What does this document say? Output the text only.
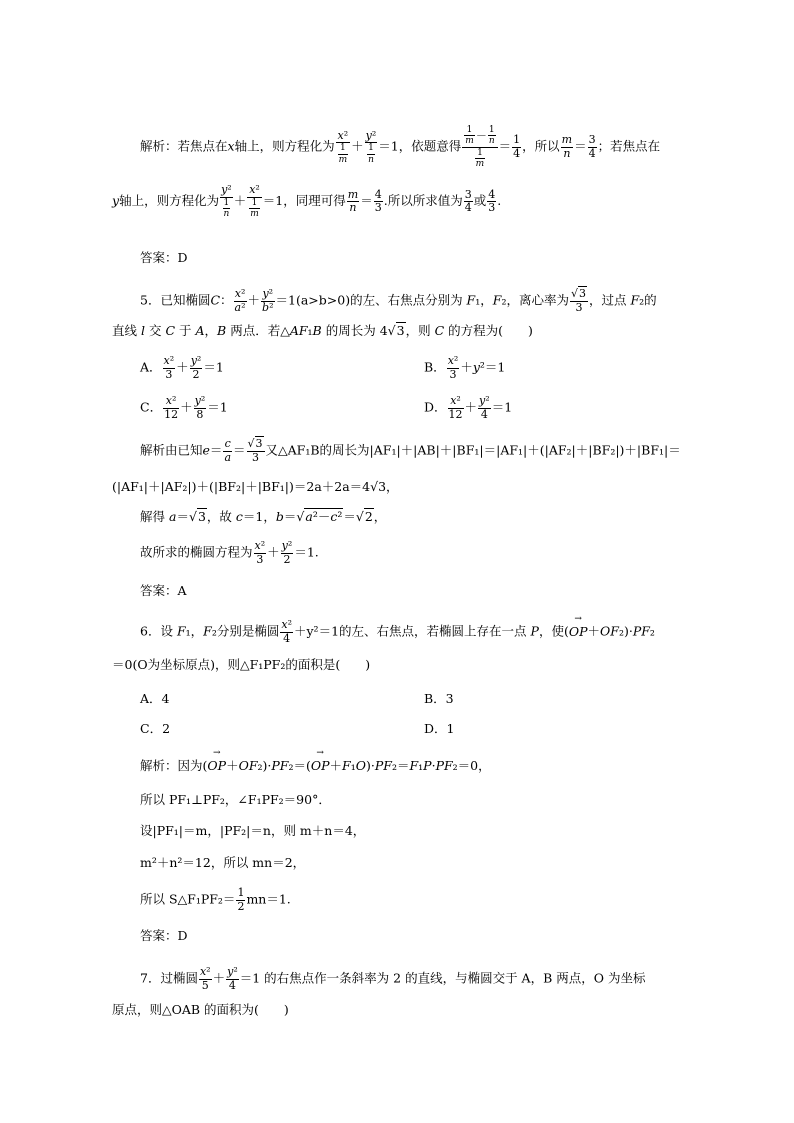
解析：若焦点在x轴上，则方程化为 $\frac{\text{x²}}{\frac{1}{m}} + \frac{\text{y²}}{\frac{1}{n}} =1$，依题意得 $\frac{\frac{1}{m} - \frac{1}{n}}{\frac{1}{m}} = \frac{1}{4}$ ，所以 $\frac{m}{n} = \frac{3}{4}$ ；若焦点在
y轴上，则方程化为 $\frac{\text{y²}}{\frac{1}{n}} + \frac{\text{x²}}{\frac{1}{m}} =1$，同理可得 $\frac{m}{n} = \frac{4}{3}$ .所以所求值为 $\frac{3}{4}$ 或 $\frac{4}{3}$ .
答案：D
5．已知椭圆C： $\frac{\text{x²}}{\text{a²}} + \frac{\text{y²}}{\text{b²}} =1(a>b>0)$的左、右焦点分别为 F₁，F₂，离心率为 $\frac{√3}{3}$ ，过点 F₂的
直线 l 交 C 于 A，B 两点．若△AF₁B 的周长为 4√3，则 C 的方程为(　　)
A． $\frac{\text{x²}}{3} + \frac{\text{y²}}{2} =1$	B． $\frac{\text{x²}}{3} +y^2=1$
C． $\frac{\text{x²}}{12} + \frac{\text{y²}}{8} =1$	D． $\frac{\text{x²}}{12} + \frac{\text{y²}}{4} =1$
解析由已知$e= \frac{c}{a} = \frac{√3}{3}$ 又△AF₁B的周长为|AF₁|＋|AB|＋|BF₁|＝|AF₁|＋(|AF₂|＋|BF₂|)＋|BF₁|＝
(|AF₁|＋|AF₂|)＋(|BF₂|＋|BF₁|)＝2a＋2a＝4√3，
解得 a＝√3，故 c＝1，b＝√a²－c²＝√2，
故所求的椭圆方程为 $\frac{\text{x²}}{3} + \frac{\text{y²}}{2} =1$.
答案：A
6．设 F₁，F₂分别是椭圆 $\frac{\text{x²}}{4} +y^2=1$的左、右焦点，若椭圆上存在一点 P，使(→ OP＋OF₂)·PF₂
＝0(O为坐标原点)，则△F₁PF₂的面积是(　　)
A．4	B．3
C．2	D．1
解析：因为(→ OP＋OF₂)·PF₂＝(→ OP＋F₁O)·PF₂＝F₁P·PF₂＝0，
所以 PF₁⊥PF₂，∠F₁PF₂＝90°．
设|PF₁|＝m，|PF₂|＝n，则 m＋n＝4，
m²＋n²＝12，所以 mn＝2，
所以 S△F₁PF₂＝ $\frac{1}{2} mn=1$.
答案：D
7．过椭圆 $\frac{\text{x²}}{5} + \frac{\text{y²}}{4} =1$ 的右焦点作一条斜率为 2 的直线，与椭圆交于 A，B 两点，O 为坐标
原点，则△OAB 的面积为(　　)
